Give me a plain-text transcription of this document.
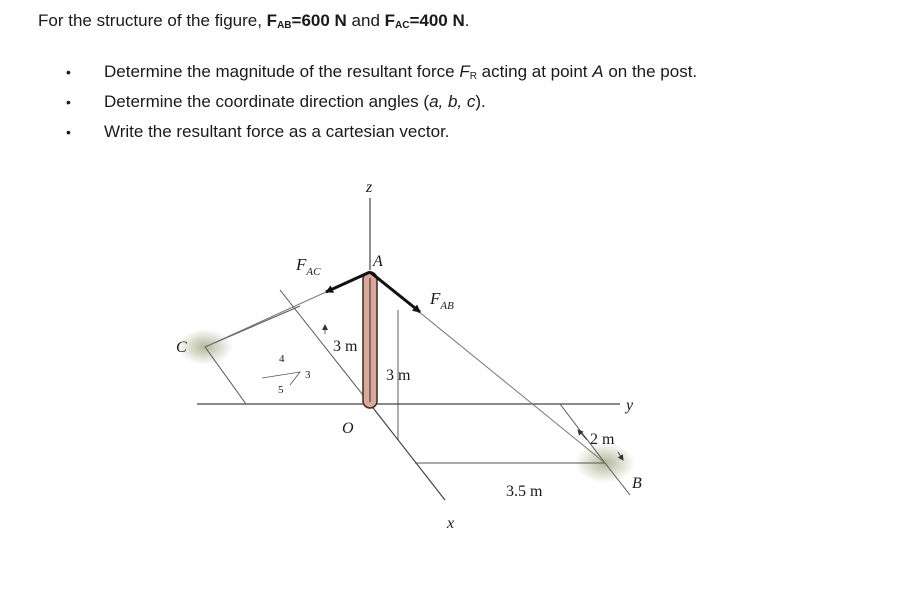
For the structure of the figure, $F_{AB}=600$ N and $F_{AC}=400$ N.
• Determine the magnitude of the resultant force $F_R$ acting at point A on the post.
• Determine the coordinate direction angles (a, b, c).
• Write the resultant force as a cartesian vector.
z
x
y
A
B
C
O
$F_{AC}$
$F_{AB}$
3 m
3 m
2 m
3.5 m
4
3
5
